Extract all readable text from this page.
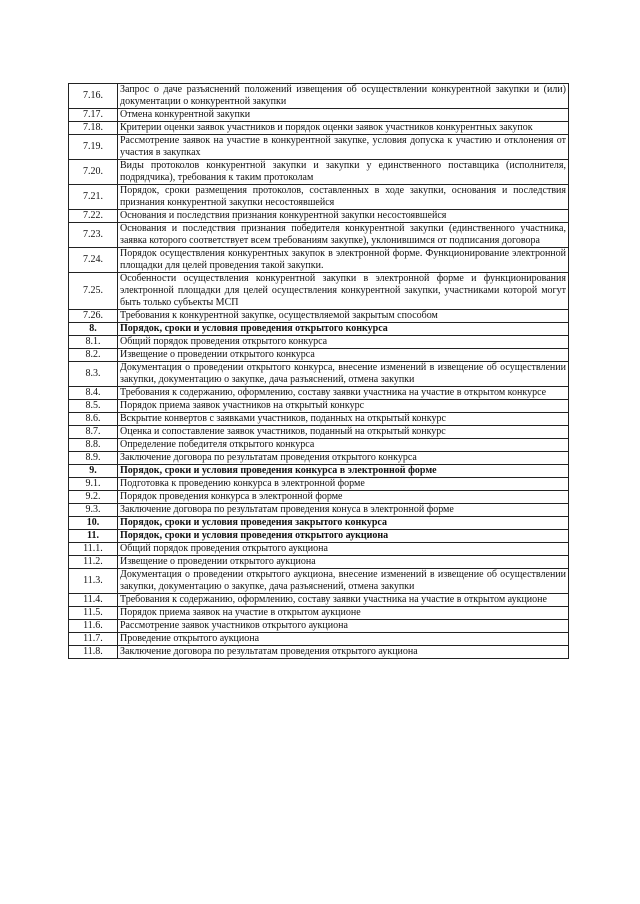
7.16.	Запрос о даче разъяснений положений извещения об осуществлении конкурентной закупки и (или) документации о конкурентной закупки
7.17.	Отмена конкурентной закупки
7.18.	Критерии оценки заявок участников и порядок оценки заявок участников конкурентных закупок
7.19.	Рассмотрение заявок на участие в конкурентной закупке, условия допуска к участию и отклонения от участия в закупках
7.20.	Виды протоколов конкурентной закупки и закупки у единственного поставщика (исполнителя, подрядчика), требования к таким протоколам
7.21.	Порядок, сроки размещения протоколов, составленных в ходе закупки, основания и последствия признания конкурентной закупки несостоявшейся
7.22.	Основания и последствия признания конкурентной закупки несостоявшейся
7.23.	Основания и последствия признания победителя конкурентной закупки (единственного участника, заявка которого соответствует всем требованиям закупке), уклонившимся от подписания договора
7.24.	Порядок осуществления конкурентных закупок в электронной форме. Функционирование электронной площадки для целей проведения такой закупки.
7.25.	Особенности осуществления конкурентной закупки в электронной форме и функционирования электронной площадки для целей осуществления конкурентной закупки, участниками которой могут быть только субъекты МСП
7.26.	Требования к конкурентной закупке, осуществляемой закрытым способом
8.	Порядок, сроки и условия проведения открытого конкурса
8.1.	Общий порядок проведения открытого конкурса
8.2.	Извещение о проведении открытого конкурса
8.3.	Документация о проведении открытого конкурса, внесение изменений в извещение об осуществлении закупки, документацию о закупке, дача разъяснений, отмена закупки
8.4.	Требования к содержанию, оформлению, составу заявки участника на участие в открытом конкурсе
8.5.	Порядок приема заявок участников на открытый конкурс
8.6.	Вскрытие конвертов с заявками участников, поданных на открытый конкурс
8.7.	Оценка и сопоставление заявок участников, поданный на открытый конкурс
8.8.	Определение победителя открытого конкурса
8.9.	Заключение договора по результатам проведения открытого конкурса
9.	Порядок, сроки и условия проведения конкурса в электронной форме
9.1.	Подготовка к проведению конкурса в электронной форме
9.2.	Порядок проведения конкурса в электронной форме
9.3.	Заключение договора по результатам проведения конуса в электронной форме
10.	Порядок, сроки и условия проведения закрытого конкурса
11.	Порядок, сроки и условия проведения открытого аукциона
11.1.	Общий порядок проведения открытого аукциона
11.2.	Извещение о проведении открытого аукциона
11.3.	Документация о проведении открытого аукциона, внесение изменений в извещение об осуществлении закупки, документацию о закупке, дача разъяснений, отмена закупки
11.4.	Требования к содержанию, оформлению, составу заявки участника на участие в открытом аукционе
11.5.	Порядок приема заявок на участие в открытом аукционе
11.6.	Рассмотрение заявок участников открытого аукциона
11.7.	Проведение открытого аукциона
11.8.	Заключение договора по результатам проведения открытого аукциона
